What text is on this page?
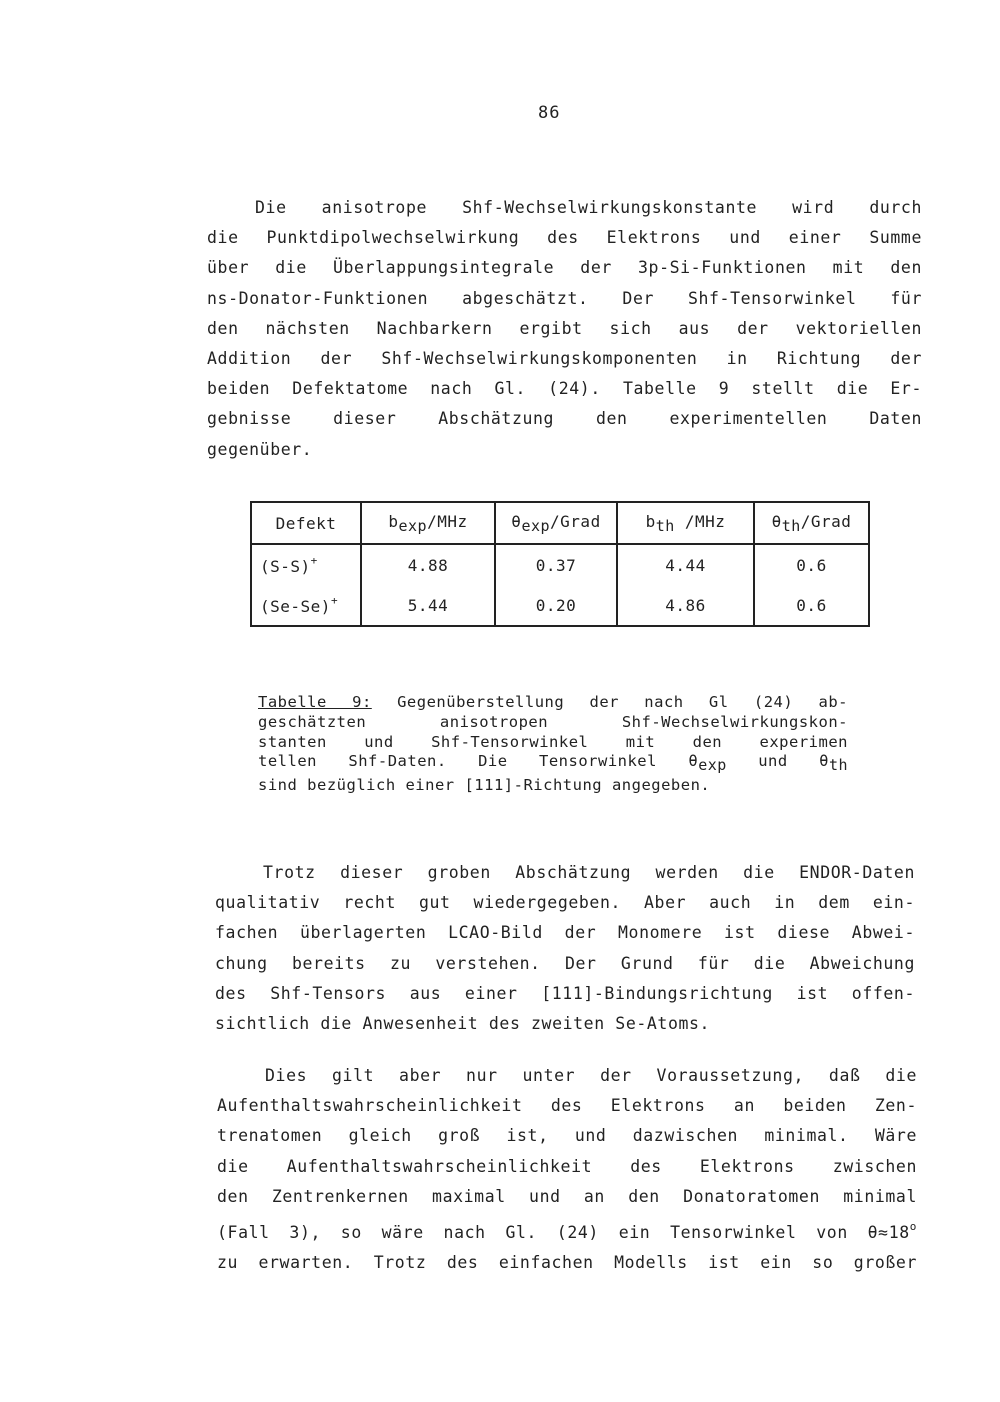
86
Die anisotrope Shf-Wechselwirkungskonstante wird durch
die Punktdipolwechselwirkung des Elektrons und einer Summe
über die Überlappungsintegrale der 3p-Si-Funktionen mit den
ns-Donator-Funktionen abgeschätzt. Der Shf-Tensorwinkel für
den nächsten Nachbarkern ergibt sich aus der vektoriellen
Addition der Shf-Wechselwirkungskomponenten in Richtung der
beiden Defektatome nach Gl. (24). Tabelle 9 stellt die Er-
gebnisse dieser Abschätzung den experimentellen Daten
gegenüber.
Defekt	$b_{exp}$/MHz	$\theta_{exp}$/Grad	$b_{th}$ /MHz	$\theta_{th}$/Grad
(S-S)+	4.88	0.37	4.44	0.6
(Se-Se)+	5.44	0.20	4.86	0.6
Tabelle 9: Gegenüberstellung der nach Gl (24) ab-
geschätzten anisotropen Shf-Wechselwirkungskon-
stanten und Shf-Tensorwinkel mit den experimen
tellen Shf-Daten. Die Tensorwinkel $\theta_{exp}$ und $\theta_{th}$
sind bezüglich einer [111]-Richtung angegeben.
Trotz dieser groben Abschätzung werden die ENDOR-Daten
qualitativ recht gut wiedergegeben. Aber auch in dem ein-
fachen überlagerten LCAO-Bild der Monomere ist diese Abwei-
chung bereits zu verstehen. Der Grund für die Abweichung
des Shf-Tensors aus einer [111]-Bindungsrichtung ist offen-
sichtlich die Anwesenheit des zweiten Se-Atoms.
Dies gilt aber nur unter der Voraussetzung, daß die
Aufenthaltswahrscheinlichkeit des Elektrons an beiden Zen-
trenatomen gleich groß ist, und dazwischen minimal. Wäre
die Aufenthaltswahrscheinlichkeit des Elektrons zwischen
den Zentrenkernen maximal und an den Donatoratomen minimal
(Fall 3), so wäre nach Gl. (24) ein Tensorwinkel von $\theta\approx 18^o$
zu erwarten. Trotz des einfachen Modells ist ein so großer
